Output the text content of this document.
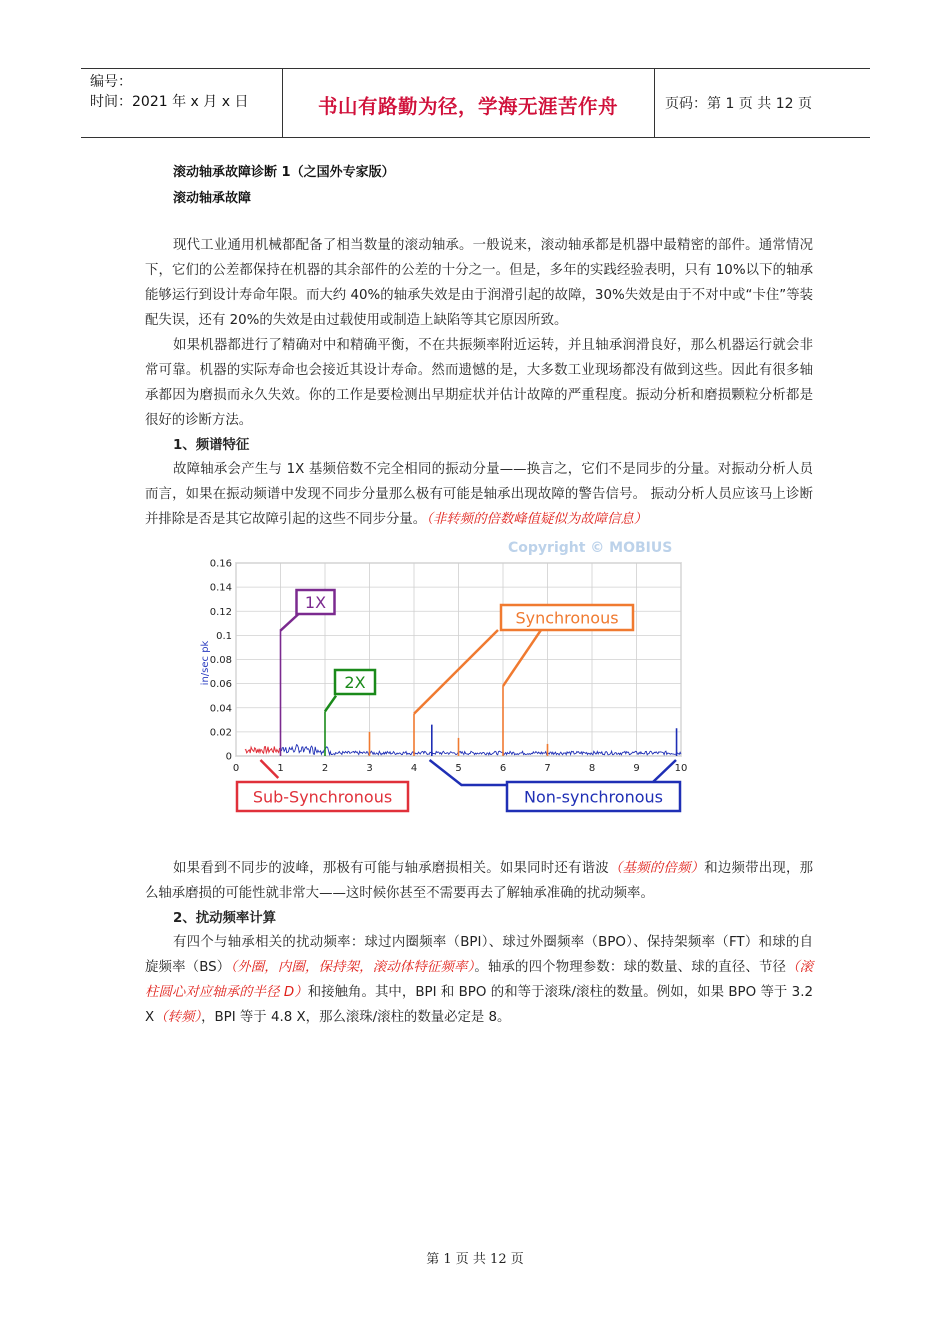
编号：
时间：2021 年 x 月 x 日	书山有路勤为径，学海无涯苦作舟	页码：第 1 页 共 12 页
滚动轴承故障诊断 1（之国外专家版）
滚动轴承故障

现代工业通用机械都配备了相当数量的滚动轴承。一般说来，滚动轴承都是机器中最精密的部件。通常情况下，它们的公差都保持在机器的其余部件的公差的十分之一。但是，多年的实践经验表明，只有 10%以下的轴承能够运行到设计寿命年限。而大约 40%的轴承失效是由于润滑引起的故障，30%失效是由于不对中或“卡住”等装配失误，还有 20%的失效是由过载使用或制造上缺陷等其它原因所致。

如果机器都进行了精确对中和精确平衡，不在共振频率附近运转，并且轴承润滑良好，那么机器运行就会非常可靠。机器的实际寿命也会接近其设计寿命。然而遗憾的是，大多数工业现场都没有做到这些。因此有很多轴承都因为磨损而永久失效。你的工作是要检测出早期症状并估计故障的严重程度。振动分析和磨损颗粒分析都是很好的诊断方法。

1、频谱特征

故障轴承会产生与 1X 基频倍数不完全相同的振动分量——换言之，它们不是同步的分量。对振动分析人员而言，如果在振动频谱中发现不同步分量那么极有可能是轴承出现故障的警告信号。 振动分析人员应该马上诊断并排除是否是其它故障引起的这些不同步分量。（非转频的倍数峰值疑似为故障信息）

Copyright © MOBIUS
0
0.02
0.04
0.06
0.08
0.1
0.12
0.14
0.16
0	1	2	3	4	5	6	7	8	9	10
in/sec pk
1X
2X
Synchronous
Sub-Synchronous	Non-synchronous

如果看到不同步的波峰，那极有可能与轴承磨损相关。如果同时还有谐波（基频的倍频）和边频带出现，那么轴承磨损的可能性就非常大——这时候你甚至不需要再去了解轴承准确的扰动频率。

2、扰动频率计算

有四个与轴承相关的扰动频率：球过内圈频率（BPI）、球过外圈频率（BPO）、保持架频率（FT）和球的自旋频率（BS）（外圈，内圈，保持架，滚动体特征频率）。轴承的四个物理参数：球的数量、球的直径、节径（滚柱圆心对应轴承的半径 D）和接触角。其中，BPI 和 BPO 的和等于滚珠/滚柱的数量。例如，如果 BPO 等于 3.2 X（转频），BPI 等于 4.8 X，那么滚珠/滚柱的数量必定是 8。

第 1 页 共 12 页
